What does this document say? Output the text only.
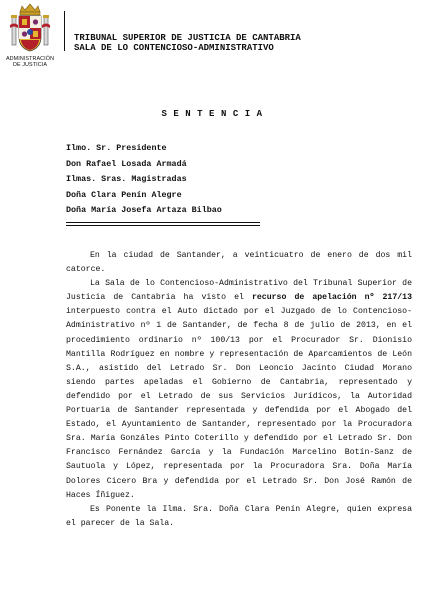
ADMINISTRACIÓN
DE JUSTICIA
TRIBUNAL SUPERIOR DE JUSTICIA DE CANTABRIA
SALA DE LO CONTENCIOSO-ADMINISTRATIVO
SENTENCIA
Ilmo. Sr. Presidente
Don Rafael Losada Armadá
Ilmas. Sras. Magistradas
Doña Clara Penín Alegre
Doña María Josefa Artaza Bilbao

En la ciudad de Santander, a veinticuatro de enero de dos mil catorce.

La Sala de lo Contencioso-Administrativo del Tribunal Superior de Justicia de Cantabria ha visto el recurso de apelación nº 217/13 interpuesto contra el Auto dictado por el Juzgado de lo Contencioso-Administrativo nº 1 de Santander, de fecha 8 de julio de 2013, en el procedimiento ordinario nº 100/13 por el Procurador Sr. Dionisio Mantilla Rodríguez en nombre y representación de Aparcamientos de León S.A., asistido del Letrado Sr. Don Leoncio Jacinto Ciudad Morano siendo partes apeladas el Gobierno de Cantabria, representado y defendido por el Letrado de sus Servicios Jurídicos, la Autoridad Portuaria de Santander representada y defendida por el Abogado del Estado, el Ayuntamiento de Santander, representado por la Procuradora Sra. María Gonzáles Pinto Coterillo y defendido por el Letrado Sr. Don Francisco Fernández García y la Fundación Marcelino Botín-Sanz de Sautuola y López, representada por la Procuradora Sra. Doña María Dolores Cicero Bra y defendida por el Letrado Sr. Don José Ramón de Haces Íñiguez.

Es Ponente la Ilma. Sra. Doña Clara Penín Alegre, quien expresa el parecer de la Sala.
